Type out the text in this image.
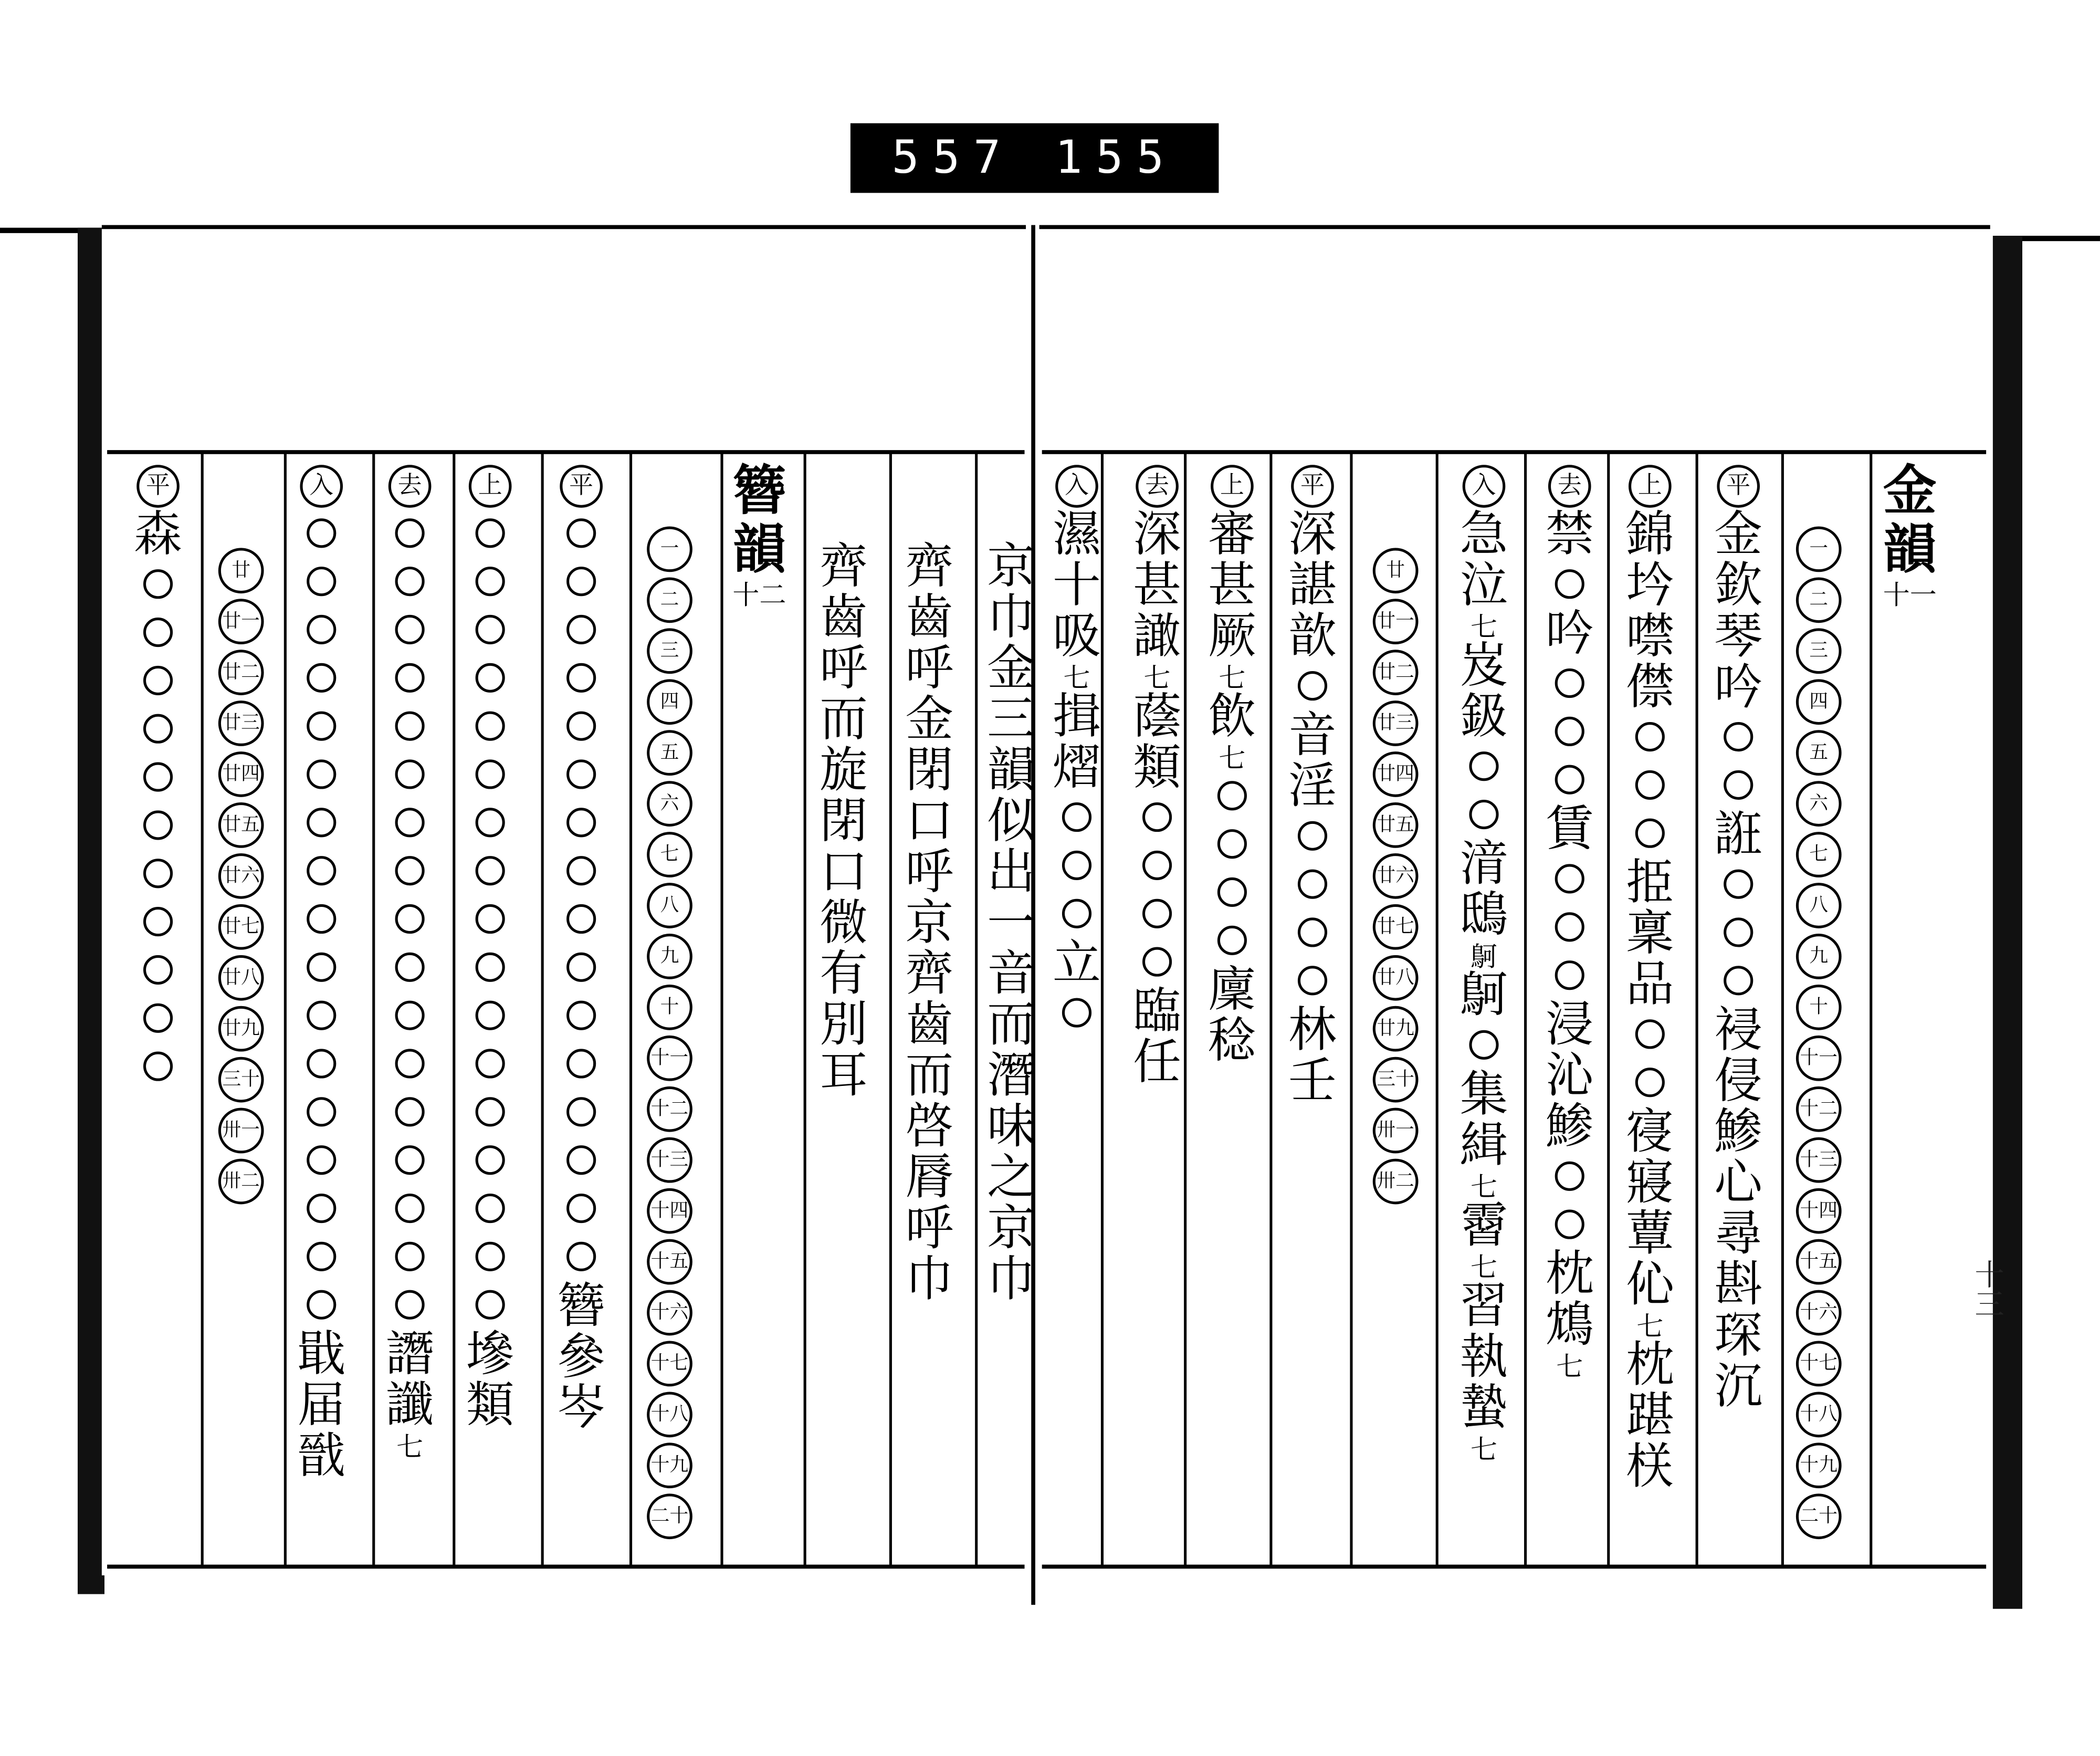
557 155
平
森
廿
廿一
廿二
廿三
廿四
廿五
廿六
廿七
廿八
廿九
三十
卅一
卅二
入
戢
届
戩
去
譖
讖
七
上
墋
類
平
簪
參
岑
一
二
三
四
五
六
七
八
九
十
十一
十二
十三
十四
十五
十六
十七
十八
十九
二十
簪
韻
十二
齊
齒
呼
而
旋
閉
口
微
有
別
耳
齊
齒
呼
金
閉
口
呼
京
齊
齒
而
啓
脣
呼
巾
京
巾
金
三
韻
似
出
一
音
而
潛
味
之
京
巾
入
濕
十
吸
七
揖
熠
立
去
深
甚
譀
七
蔭
類
臨
任
上
審
甚
厥
七
飲
七
廩
稔
平
深
諶
歆
音
淫
林
壬
廿
廿一
廿二
廿三
廿四
廿五
廿六
廿七
廿八
廿九
三十
卅一
卅二
入
急
泣
七
岌
鈒
湇
鴟
鴚
鴚
集
緝
七
霫
七
習
執
蟄
七
去
禁
吟
賃
浸
沁
鯵
枕
鴆
七
上
錦
坅
噤
僸
挋
稟
品
寑
寢
蕈
伈
七
枕
踸
栚
平
金
欽
琴
吟
誑
祲
侵
鯵
心
尋
斟
琛
沉
一
二
三
四
五
六
七
八
九
十
十一
十二
十三
十四
十五
十六
十七
十八
十九
二十
金
韻
十一
十三
